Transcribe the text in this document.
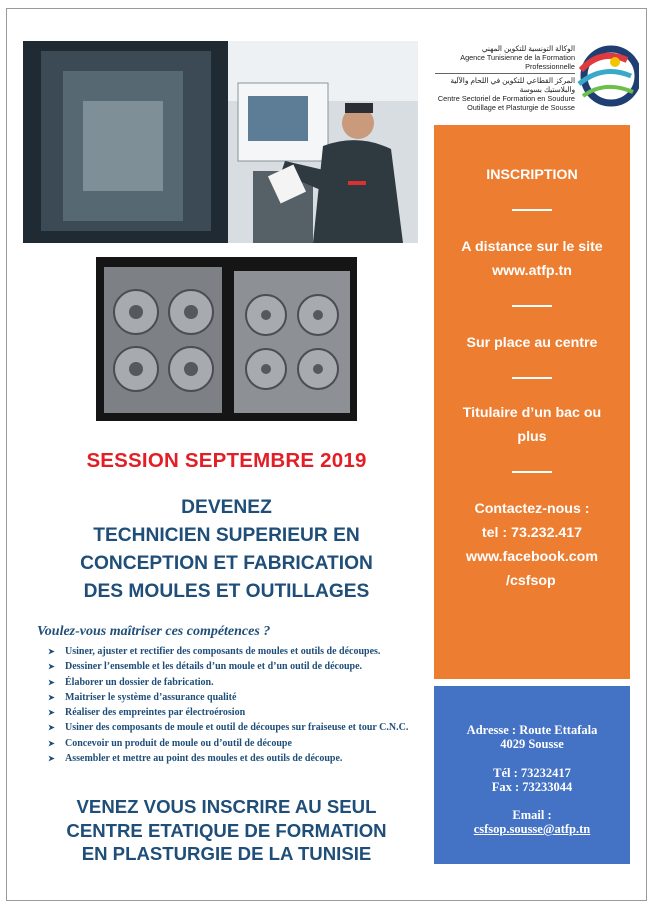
الوكالة التونسية للتكوين المهني
Agence Tunisienne de la Formation Professionnelle
المركز القطاعي للتكوين في اللحام والآلية والبلاستيك بسوسة
Centre Sectoriel de Formation en Soudure Outillage et Plasturgie de Sousse
INSCRIPTION
A distance sur le site www.atfp.tn
Sur place au centre
Titulaire d’un bac ou plus
Contactez-nous :
tel : 73.232.417
www.facebook.com
/csfsop
Adresse : Route Ettafala
4029 Sousse
Tél : 73232417
Fax : 73233044
Email :
csfsop.sousse@atfp.tn
SESSION SEPTEMBRE 2019
DEVENEZ
TECHNICIEN SUPERIEUR EN
CONCEPTION ET FABRICATION
DES MOULES ET OUTILLAGES
Voulez-vous maîtriser ces compétences ?
➤ Usiner, ajuster et rectifier des composants de moules et outils de découpes.
➤ Dessiner l’ensemble et les détails d’un moule et d’un outil de découpe.
➤ Élaborer un dossier de fabrication.
➤ Maitriser le système d’assurance qualité
➤ Réaliser des empreintes par électroérosion
➤ Usiner des composants de moule et outil de découpes sur fraiseuse et tour C.N.C.
➤ Concevoir un produit de moule ou d’outil de découpe
➤ Assembler et mettre au point des moules et des outils de découpe.
VENEZ VOUS INSCRIRE AU SEUL
CENTRE ETATIQUE DE FORMATION
EN PLASTURGIE DE LA TUNISIE
